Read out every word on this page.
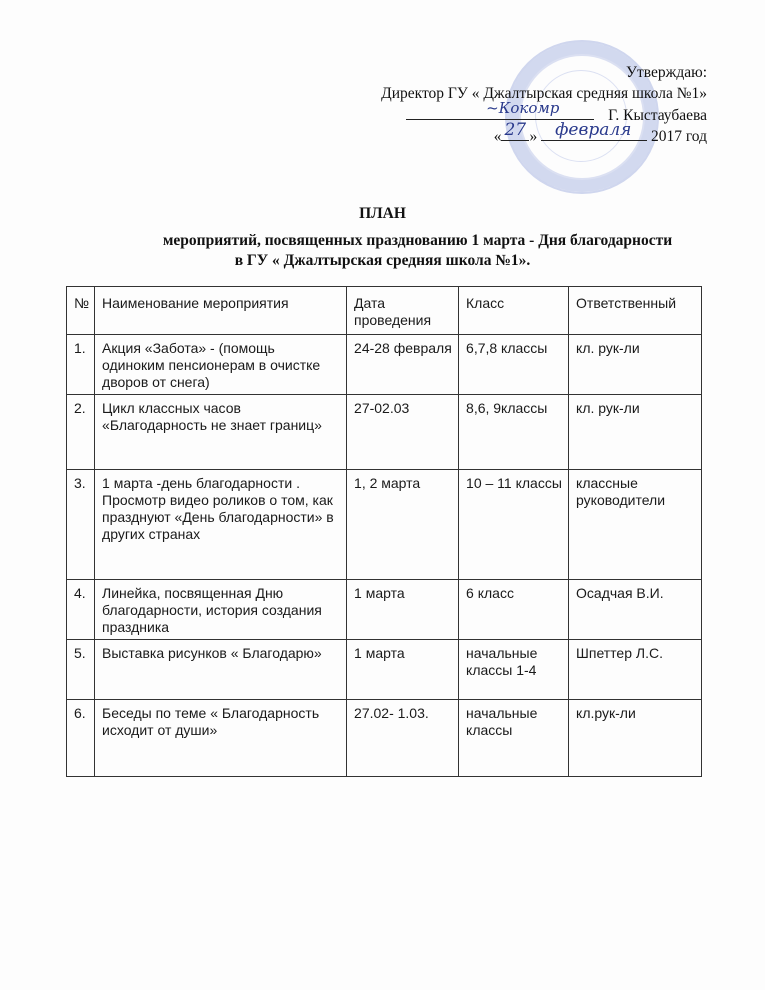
Утверждаю:
Директор ГУ « Джалтырская средняя школа №1»
~Кокомр	Г. Кыстаубаева
« 27 » февраля 2017 год
ПЛАН
мероприятий, посвященных празднованию 1 марта - Дня благодарности
в ГУ « Джалтырская средняя школа №1».
№	Наименование мероприятия	Дата проведения	Класс	Ответственный
1.	Акция «Забота» - (помощь одиноким пенсионерам в очистке дворов от снега)	24-28 февраля	6,7,8 классы	кл. рук-ли
2.	Цикл классных часов «Благодарность не знает границ»	27-02.03	8,6, 9классы	кл. рук-ли
3.	1 марта -день благодарности . Просмотр видео роликов о том, как празднуют «День благодарности» в других странах	1, 2 марта	10 – 11 классы	классные руководители
4.	Линейка, посвященная Дню благодарности, история создания праздника	1 марта	6 класс	Осадчая В.И.
5.	Выставка рисунков « Благодарю»	1 марта	начальные классы 1-4	Шпеттер Л.С.
6.	Беседы по теме « Благодарность исходит от души»	27.02- 1.03.	начальные классы	кл.рук-ли
